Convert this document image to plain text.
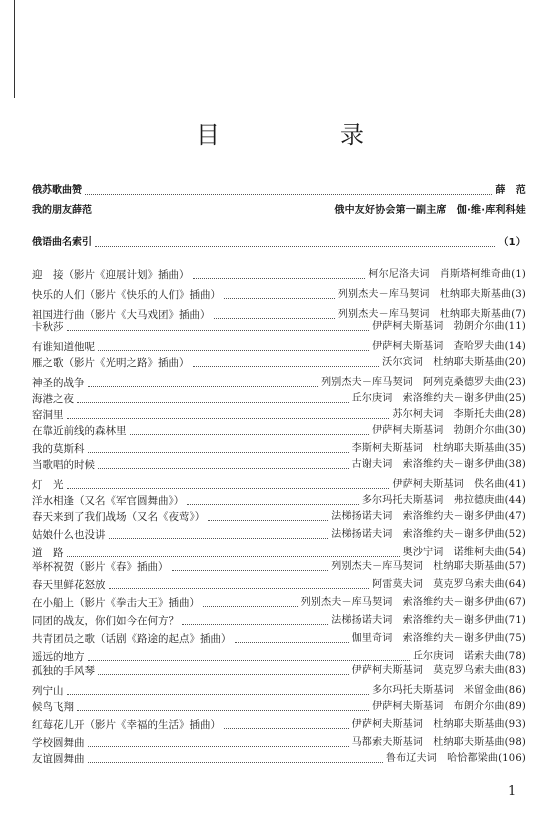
目	录
俄苏歌曲赞	薛　范
我的朋友薛范	俄中友好协会第一副主席　伽·维·库利科娃
俄语曲名索引	（1）
迎　接（影片《迎展计划》插曲）	柯尔尼洛夫词　肖斯塔柯维奇曲(1)
快乐的人们（影片《快乐的人们》插曲）	列别杰夫－库马契词　杜纳耶夫斯基曲(3)
祖国进行曲（影片《大马戏团》插曲）	列别杰夫－库马契词　杜纳耶夫斯基曲(7)
卡秋莎	伊萨柯夫斯基词　勃朗介尔曲(11)
有谁知道他呢	伊萨柯夫斯基词　查哈罗夫曲(14)
雁之歌（影片《光明之路》插曲）	沃尔宾词　杜纳耶夫斯基曲(20)
神圣的战争	列别杰夫－库马契词　阿列克桑德罗夫曲(23)
海港之夜	丘尔庚词　索洛维约夫－谢多伊曲(25)
窑洞里	苏尔柯夫词　李斯托夫曲(28)
在靠近前线的森林里	伊萨柯夫斯基词　勃朗介尔曲(30)
我的莫斯科	李斯柯夫斯基词　杜纳耶夫斯基曲(35)
当歌唱的时候	古谢夫词　索洛维约夫－谢多伊曲(38)
灯　光	伊萨柯夫斯基词　佚名曲(41)
洋水相逢（又名《军官圆舞曲》）	多尔玛托夫斯基词　弗拉德庚曲(44)
春天来到了我们战场（又名《夜莺》）	法梯扬诺夫词　索洛维约夫－谢多伊曲(47)
姑娘什么也没讲	法梯扬诺夫词　索洛维约夫－谢多伊曲(52)
道　路	奥沙宁词　诺维柯夫曲(54)
举杯祝贺（影片《春》插曲）	列别杰夫－库马契词　杜纳耶夫斯基曲(57)
春天里鲜花怒放	阿雷莫夫词　莫克罗乌索夫曲(64)
在小船上（影片《拳击大王》插曲）	列别杰夫－库马契词　索洛维约夫－谢多伊曲(67)
同团的战友，你们如今在何方？	法梯扬诺夫词　索洛维约夫－谢多伊曲(71)
共青团员之歌（话剧《路途的起点》插曲）	伽里奇词　索洛维约夫－谢多伊曲(75)
遥远的地方	丘尔庚词　诺索夫曲(78)
孤独的手风琴	伊萨柯夫斯基词　莫克罗乌索夫曲(83)
列宁山	多尔玛托夫斯基词　米留金曲(86)
候鸟飞翔	伊萨柯夫斯基词　布朗介尔曲(89)
红莓花儿开（影片《幸福的生活》插曲）	伊萨柯夫斯基词　杜纳耶夫斯基曲(93)
学校圆舞曲	马都索夫斯基词　杜纳耶夫斯基曲(98)
友谊圆舞曲	鲁布辽夫词　哈恰都梁曲(106)
1
